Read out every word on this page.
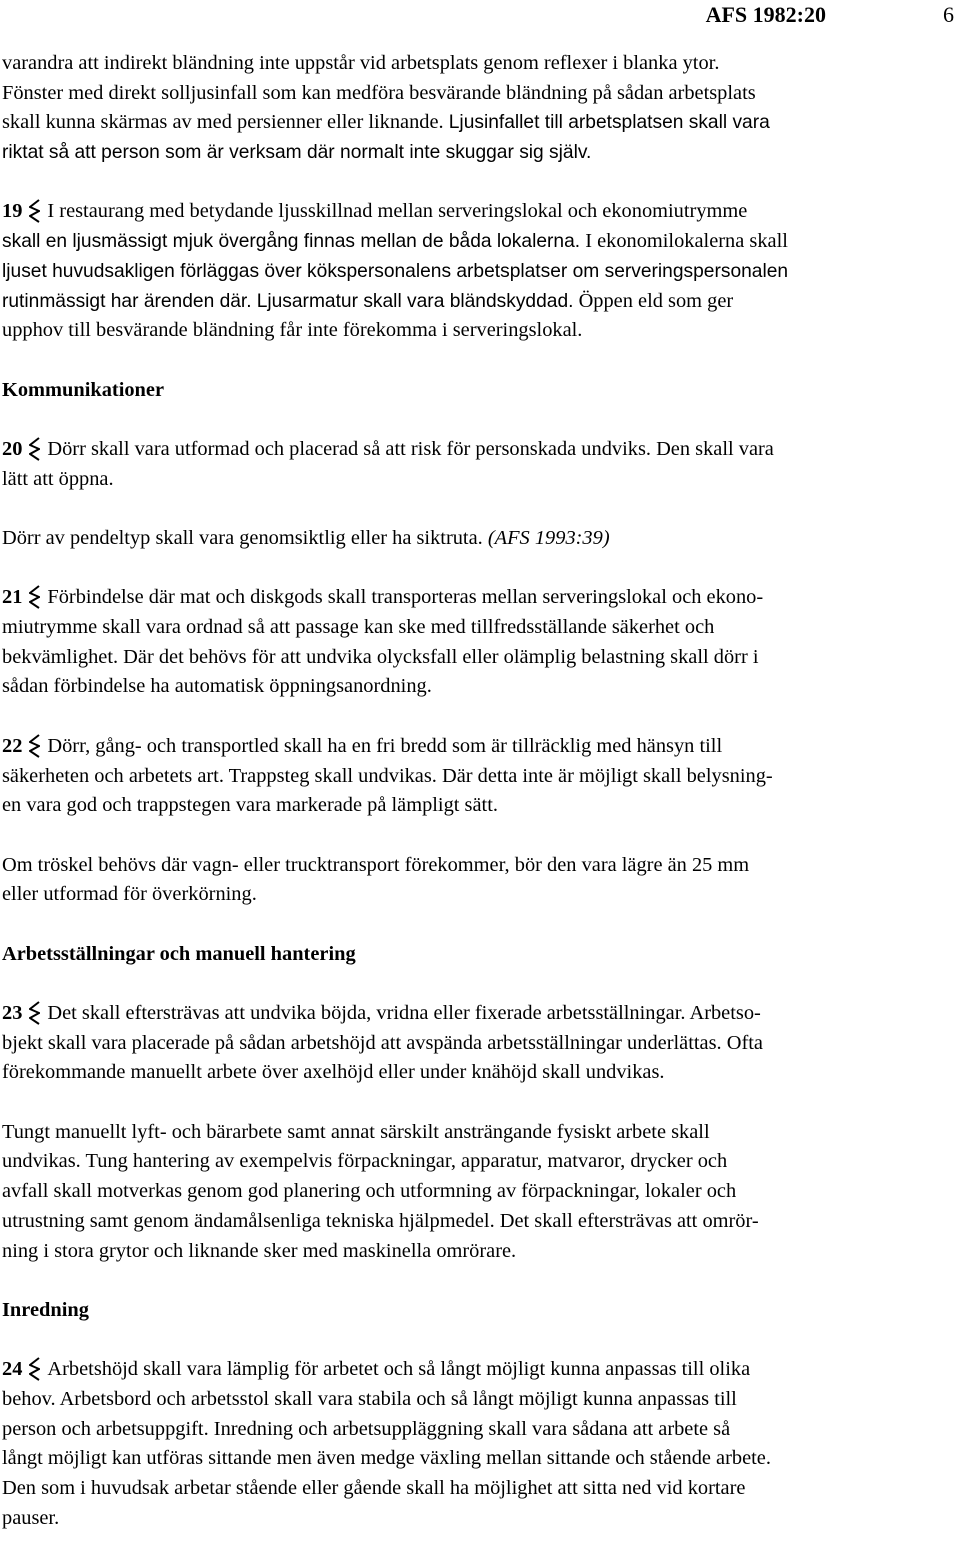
AFS 1982:20	6
varandra att indirekt bländning inte uppstår vid arbetsplats genom reflexer i blanka ytor.
Fönster med direkt solljusinfall som kan medföra besvärande bländning på sådan arbetsplats
skall kunna skärmas av med persienner eller liknande. Ljusinfallet till arbetsplatsen skall vara
riktat så att person som är verksam där normalt inte skuggar sig själv.
19 I restaurang med betydande ljusskillnad mellan serveringslokal och ekonomiutrymme
skall en ljusmässigt mjuk övergång finnas mellan de båda lokalerna. I ekonomilokalerna skall
ljuset huvudsakligen förläggas över kökspersonalens arbetsplatser om serveringspersonalen
rutinmässigt har ärenden där. Ljusarmatur skall vara bländskyddad. Öppen eld som ger
upphov till besvärande bländning får inte förekomma i serveringslokal.
Kommunikationer
20 Dörr skall vara utformad och placerad så att risk för personskada undviks. Den skall vara
lätt att öppna.
Dörr av pendeltyp skall vara genomsiktlig eller ha siktruta. (AFS 1993:39)
21 Förbindelse där mat och diskgods skall transporteras mellan serveringslokal och ekono-
miutrymme skall vara ordnad så att passage kan ske med tillfredsställande säkerhet och
bekvämlighet. Där det behövs för att undvika olycksfall eller olämplig belastning skall dörr i
sådan förbindelse ha automatisk öppningsanordning.
22 Dörr, gång- och transportled skall ha en fri bredd som är tillräcklig med hänsyn till
säkerheten och arbetets art. Trappsteg skall undvikas. Där detta inte är möjligt skall belysning-
en vara god och trappstegen vara markerade på lämpligt sätt.
Om tröskel behövs där vagn- eller trucktransport förekommer, bör den vara lägre än 25 mm
eller utformad för överkörning.
Arbetsställningar och manuell hantering
23 Det skall eftersträvas att undvika böjda, vridna eller fixerade arbetsställningar. Arbetso-
bjekt skall vara placerade på sådan arbetshöjd att avspända arbetsställningar underlättas. Ofta
förekommande manuellt arbete över axelhöjd eller under knähöjd skall undvikas.
Tungt manuellt lyft- och bärarbete samt annat särskilt ansträngande fysiskt arbete skall
undvikas. Tung hantering av exempelvis förpackningar, apparatur, matvaror, drycker och
avfall skall motverkas genom god planering och utformning av förpackningar, lokaler och
utrustning samt genom ändamålsenliga tekniska hjälpmedel. Det skall eftersträvas att omrör-
ning i stora grytor och liknande sker med maskinella omrörare.
Inredning
24 Arbetshöjd skall vara lämplig för arbetet och så långt möjligt kunna anpassas till olika
behov. Arbetsbord och arbetsstol skall vara stabila och så långt möjligt kunna anpassas till
person och arbetsuppgift. Inredning och arbetsuppläggning skall vara sådana att arbete så
långt möjligt kan utföras sittande men även medge växling mellan sittande och stående arbete.
Den som i huvudsak arbetar stående eller gående skall ha möjlighet att sitta ned vid kortare
pauser.
